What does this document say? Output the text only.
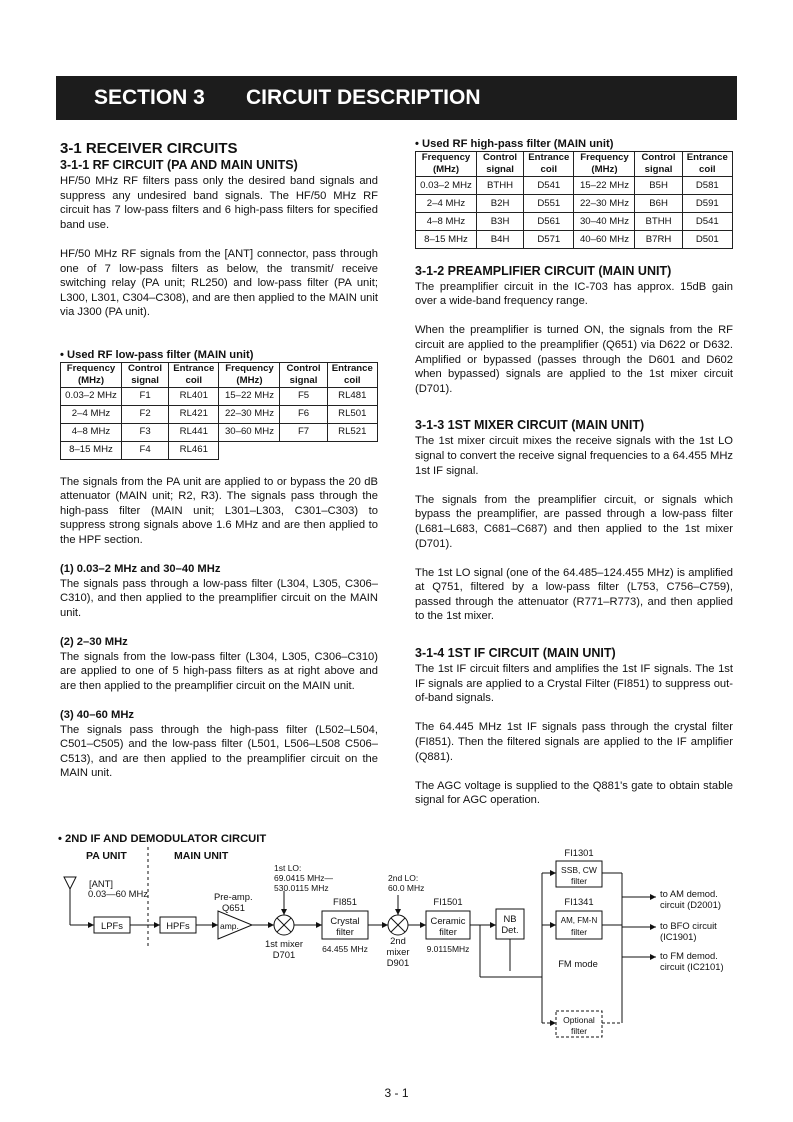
SECTION 3	CIRCUIT DESCRIPTION
3-1 RECEIVER CIRCUITS
3-1-1 RF CIRCUIT (PA AND MAIN UNITS)

HF/50 MHz RF filters pass only the desired band signals and suppress any undesired band signals. The HF/50 MHz RF circuit has 7 low-pass filters and 6 high-pass filters for specified band use.

HF/50 MHz RF signals from the [ANT] connector, pass through one of 7 low-pass filters as below, the transmit/ receive switching relay (PA unit; RL250) and low-pass filter (PA unit; L300, L301, C304–C308), and are then applied to the MAIN unit via J300 (PA unit).

• Used RF low-pass filter (MAIN unit)
Frequency (MHz)	Control signal	Entrance coil	Frequency (MHz)	Control signal	Entrance coil
0.03–2 MHz	F1	RL401	15–22 MHz	F5	RL481
2–4 MHz	F2	RL421	22–30 MHz	F6	RL501
4–8 MHz	F3	RL441	30–60 MHz	F7	RL521
8–15 MHz	F4	RL461			

The signals from the PA unit are applied to or bypass the 20 dB attenuator (MAIN unit; R2, R3). The signals pass through the high-pass filter (MAIN unit; L301–L303, C301–C303) to suppress strong signals above 1.6 MHz and are then applied to the HPF section.

(1) 0.03–2 MHz and 30–40 MHz

The signals pass through a low-pass filter (L304, L305, C306–C310), and then applied to the preamplifier circuit on the MAIN unit.

(2) 2–30 MHz

The signals from the low-pass filter (L304, L305, C306–C310) are applied to one of 5 high-pass filters as at right above and are then applied to the preamplifier circuit on the MAIN unit.

(3) 40–60 MHz

The signals pass through the high-pass filter (L502–L504, C501–C505) and the low-pass filter (L501, L506–L508 C506–C513), and are then applied to the preamplifier circuit on the MAIN unit.

• Used RF high-pass filter (MAIN unit)
Frequency (MHz)	Control signal	Entrance coil	Frequency (MHz)	Control signal	Entrance coil
0.03–2 MHz	BTHH	D541	15–22 MHz	B5H	D581
2–4 MHz	B2H	D551	22–30 MHz	B6H	D591
4–8 MHz	B3H	D561	30–40 MHz	BTHH	D541
8–15 MHz	B4H	D571	40–60 MHz	B7RH	D501
3-1-2 PREAMPLIFIER CIRCUIT (MAIN UNIT)

The preamplifier circuit in the IC-703 has approx. 15dB gain over a wide-band frequency range.

When the preamplifier is turned ON, the signals from the RF circuit are applied to the preamplifier (Q651) via D622 or D632. Amplified or bypassed (passes through the D601 and D602 when bypassed) signals are applied to the 1st mixer circuit (D701).

3-1-3 1ST MIXER CIRCUIT (MAIN UNIT)

The 1st mixer circuit mixes the receive signals with the 1st LO signal to convert the receive signal frequencies to a 64.455 MHz 1st IF signal.

The signals from the preamplifier circuit, or signals which bypass the preamplifier, are passed through a low-pass filter (L681–L683, C681–C687) and then applied to the 1st mixer (D701).

The 1st LO signal (one of the 64.485–124.455 MHz) is amplified at Q751, filtered by a low-pass filter (L753, C756–C759), passed through the attenuator (R771–R773), and then applied to the 1st mixer.

3-1-4 1ST IF CIRCUIT (MAIN UNIT)

The 1st IF circuit filters and amplifies the 1st IF signals. The 1st IF signals are applied to a Crystal Filter (FI851) to suppress out-of-band signals.

The 64.445 MHz 1st IF signals pass through the crystal filter (FI851). Then the filtered signals are applied to the IF amplifier (Q881).

The AGC voltage is supplied to the Q881's gate to obtain stable signal for AGC operation.

• 2ND IF AND DEMODULATOR CIRCUIT
PA UNIT	MAIN UNIT
[ANT]
0.03—60 MHz
LPFs	HPFs
Pre-amp.
Q651
amp.
1st LO:
69.0415 MHz—
530.0115 MHz
1st mixer
D701
FI851
Crystal
filter
64.455 MHz
2nd LO:
60.0 MHz
2nd
mixer
D901
FI1501
Ceramic
filter
9.0115MHz
NB
Det.
FI1301
SSB, CW
filter
FI1341
AM, FM-N
filter
FM mode
Optional
filter
to AM demod.
circuit (D2001)
to BFO circuit
(IC1901)
to FM demod.
circuit (IC2101)
3 - 1
